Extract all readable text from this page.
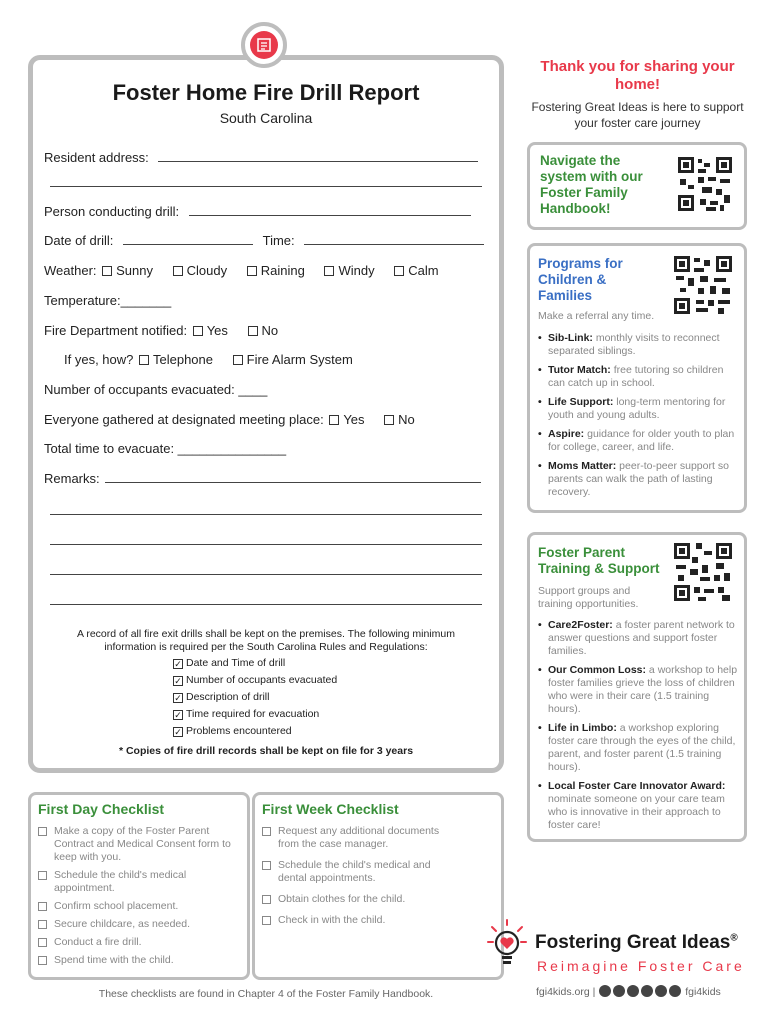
Foster Home Fire Drill Report
South Carolina
Resident address:
Person conducting drill:
Date of drill:	Time:
Weather: Sunny	Cloudy	Raining	Windy	Calm
Temperature:_______
Fire Department notified: Yes	No
If yes, how? Telephone	Fire Alarm System
Number of occupants evacuated: ____
Everyone gathered at designated meeting place: Yes	No
Total time to evacuate: _______________
Remarks:
A record of all fire exit drills shall be kept on the premises. The following minimum information is required per the South Carolina Rules and Regulations:
✓ Date and Time of drill
✓ Number of occupants evacuated
✓ Description of drill
✓ Time required for evacuation
✓ Problems encountered
* Copies of fire drill records shall be kept on file for 3 years
Thank you for sharing your home!
Fostering Great Ideas is here to support your foster care journey
Navigate the system with our Foster Family Handbook!
Programs for Children & Families
Make a referral any time.
• Sib-Link: monthly visits to reconnect separated siblings.
• Tutor Match: free tutoring so children can catch up in school.
• Life Support: long-term mentoring for youth and young adults.
• Aspire: guidance for older youth to plan for college, career, and life.
• Moms Matter: peer-to-peer support so parents can walk the path of lasting recovery.
Foster Parent Training & Support
Support groups and training opportunities.
• Care2Foster: a foster parent network to answer questions and support foster families.
• Our Common Loss: a workshop to help foster families grieve the loss of children who were in their care (1.5 training hours).
• Life in Limbo: a workshop exploring foster care through the eyes of the child, parent, and foster parent (1.5 training hours).
• Local Foster Care Innovator Award: nominate someone on your care team who is innovative in their approach to foster care!
First Day Checklist
Make a copy of the Foster Parent Contract and Medical Consent form to keep with you.
Schedule the child's medical appointment.
Confirm school placement.
Secure childcare, as needed.
Conduct a fire drill.
Spend time with the child.
First Week Checklist
Request any additional documents from the case manager.
Schedule the child's medical and dental appointments.
Obtain clothes for the child.
Check in with the child.
These checklists are found in Chapter 4 of the Foster Family Handbook.
Fostering Great Ideas®
Reimagine Foster Care
fgi4kids.org |	fgi4kids
